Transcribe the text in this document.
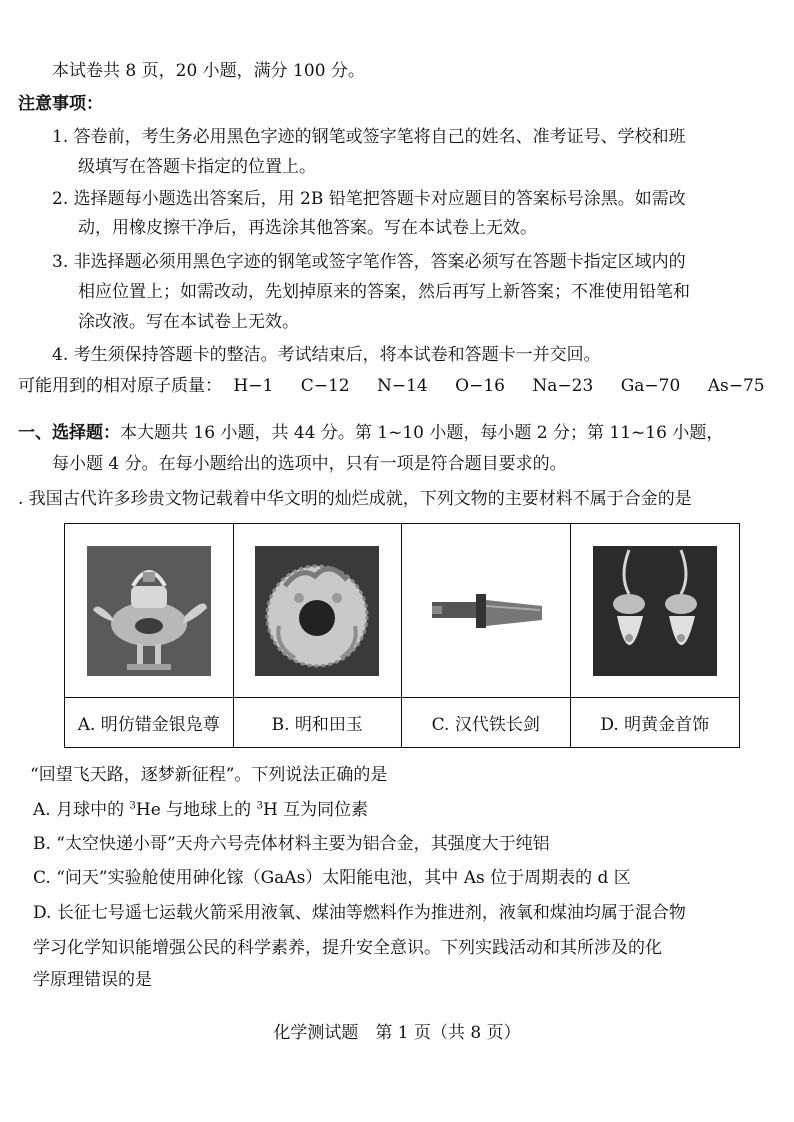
本试卷共 8 页，20 小题，满分 100 分。
注意事项：
1. 答卷前，考生务必用黑色字迹的钢笔或签字笔将自己的姓名、准考证号、学校和班
级填写在答题卡指定的位置上。
2. 选择题每小题选出答案后，用 2B 铅笔把答题卡对应题目的答案标号涂黑。如需改
动，用橡皮擦干净后，再选涂其他答案。写在本试卷上无效。
3. 非选择题必须用黑色字迹的钢笔或签字笔作答，答案必须写在答题卡指定区域内的
相应位置上；如需改动，先划掉原来的答案，然后再写上新答案；不准使用铅笔和
涂改液。写在本试卷上无效。
4. 考生须保持答题卡的整洁。考试结束后，将本试卷和答题卡一并交回。
可能用到的相对原子质量： H−1 C−12 N−14 O−16 Na−23 Ga−70 As−75
一、选择题：本大题共 16 小题，共 44 分。第 1~10 小题，每小题 2 分；第 11~16 小题，
每小题 4 分。在每小题给出的选项中，只有一项是符合题目要求的。
. 我国古代许多珍贵文物记载着中华文明的灿烂成就，下列文物的主要材料不属于合金的是
A. 明仿错金银凫尊	B. 明和田玉	C. 汉代铁长剑	D. 明黄金首饰
“回望飞天路，逐梦新征程”。下列说法正确的是
A. 月球中的 $^3$He 与地球上的 $^3$H 互为同位素
B. “太空快递小哥”天舟六号壳体材料主要为铝合金，其强度大于纯铝
C. “问天”实验舱使用砷化镓（GaAs）太阳能电池，其中 As 位于周期表的 d 区
D. 长征七号遥七运载火箭采用液氧、煤油等燃料作为推进剂，液氧和煤油均属于混合物
学习化学知识能增强公民的科学素养，提升安全意识。下列实践活动和其所涉及的化
学原理错误的是
化学测试题　第 1 页（共 8 页）
